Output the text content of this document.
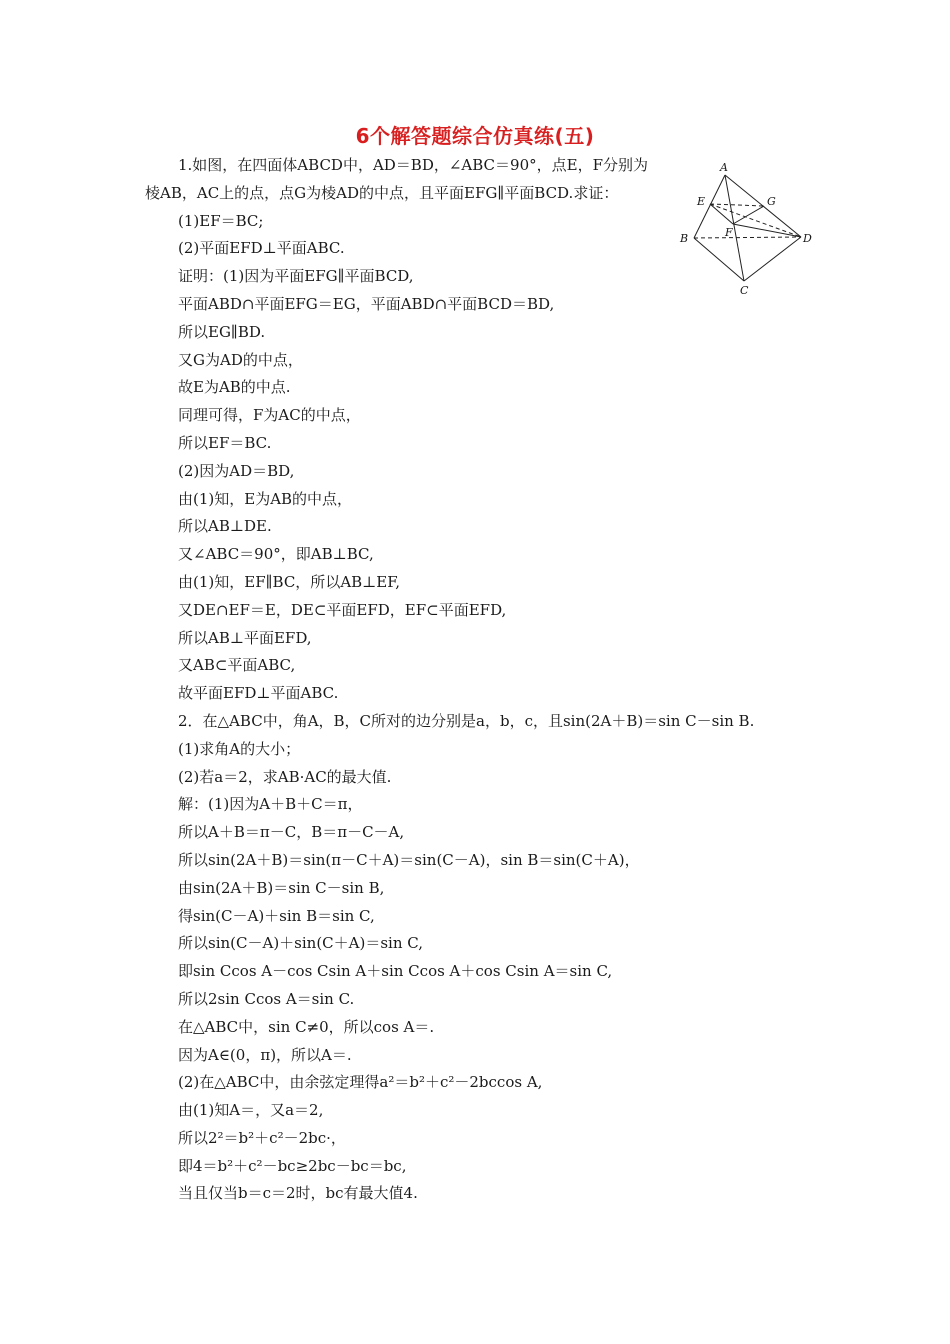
6个解答题综合仿真练(五)
A
B
C
D
E
F
G
1.如图，在四面体ABCD中，AD＝BD，∠ABC＝90°，点E，F分别为
棱AB，AC上的点，点G为棱AD的中点，且平面EFG∥平面BCD.求证：
(1)EF＝BC;
(2)平面EFD⊥平面ABC.
证明：(1)因为平面EFG∥平面BCD,
平面ABD∩平面EFG＝EG，平面ABD∩平面BCD＝BD,
所以EG∥BD.
又G为AD的中点，
故E为AB的中点.
同理可得，F为AC的中点，
所以EF＝BC.
(2)因为AD＝BD,
由(1)知，E为AB的中点，
所以AB⊥DE.
又∠ABC＝90°，即AB⊥BC,
由(1)知，EF∥BC，所以AB⊥EF,
又DE∩EF＝E，DE⊂平面EFD，EF⊂平面EFD,
所以AB⊥平面EFD,
又AB⊂平面ABC,
故平面EFD⊥平面ABC.
2．在△ABC中，角A，B，C所对的边分别是a，b，c，且sin(2A＋B)＝sin C－sin B.
(1)求角A的大小；
(2)若a＝2，求AB·AC的最大值.
解：(1)因为A＋B＋C＝π，
所以A＋B＝π－C，B＝π－C－A,
所以sin(2A＋B)＝sin(π－C＋A)＝sin(C－A)，sin B＝sin(C＋A)，
由sin(2A＋B)＝sin C－sin B,
得sin(C－A)＋sin B＝sin C,
所以sin(C－A)＋sin(C＋A)＝sin C,
即sin Ccos A－cos Csin A＋sin Ccos A＋cos Csin A＝sin C,
所以2sin Ccos A＝sin C.
在△ABC中，sin C≠0，所以cos A＝.
因为A∈(0，π)，所以A＝.
(2)在△ABC中，由余弦定理得a²＝b²＋c²－2bccos A,
由(1)知A＝，又a＝2,
所以2²＝b²＋c²－2bc·，
即4＝b²＋c²－bc≥2bc－bc＝bc,
当且仅当b＝c＝2时，bc有最大值4.
